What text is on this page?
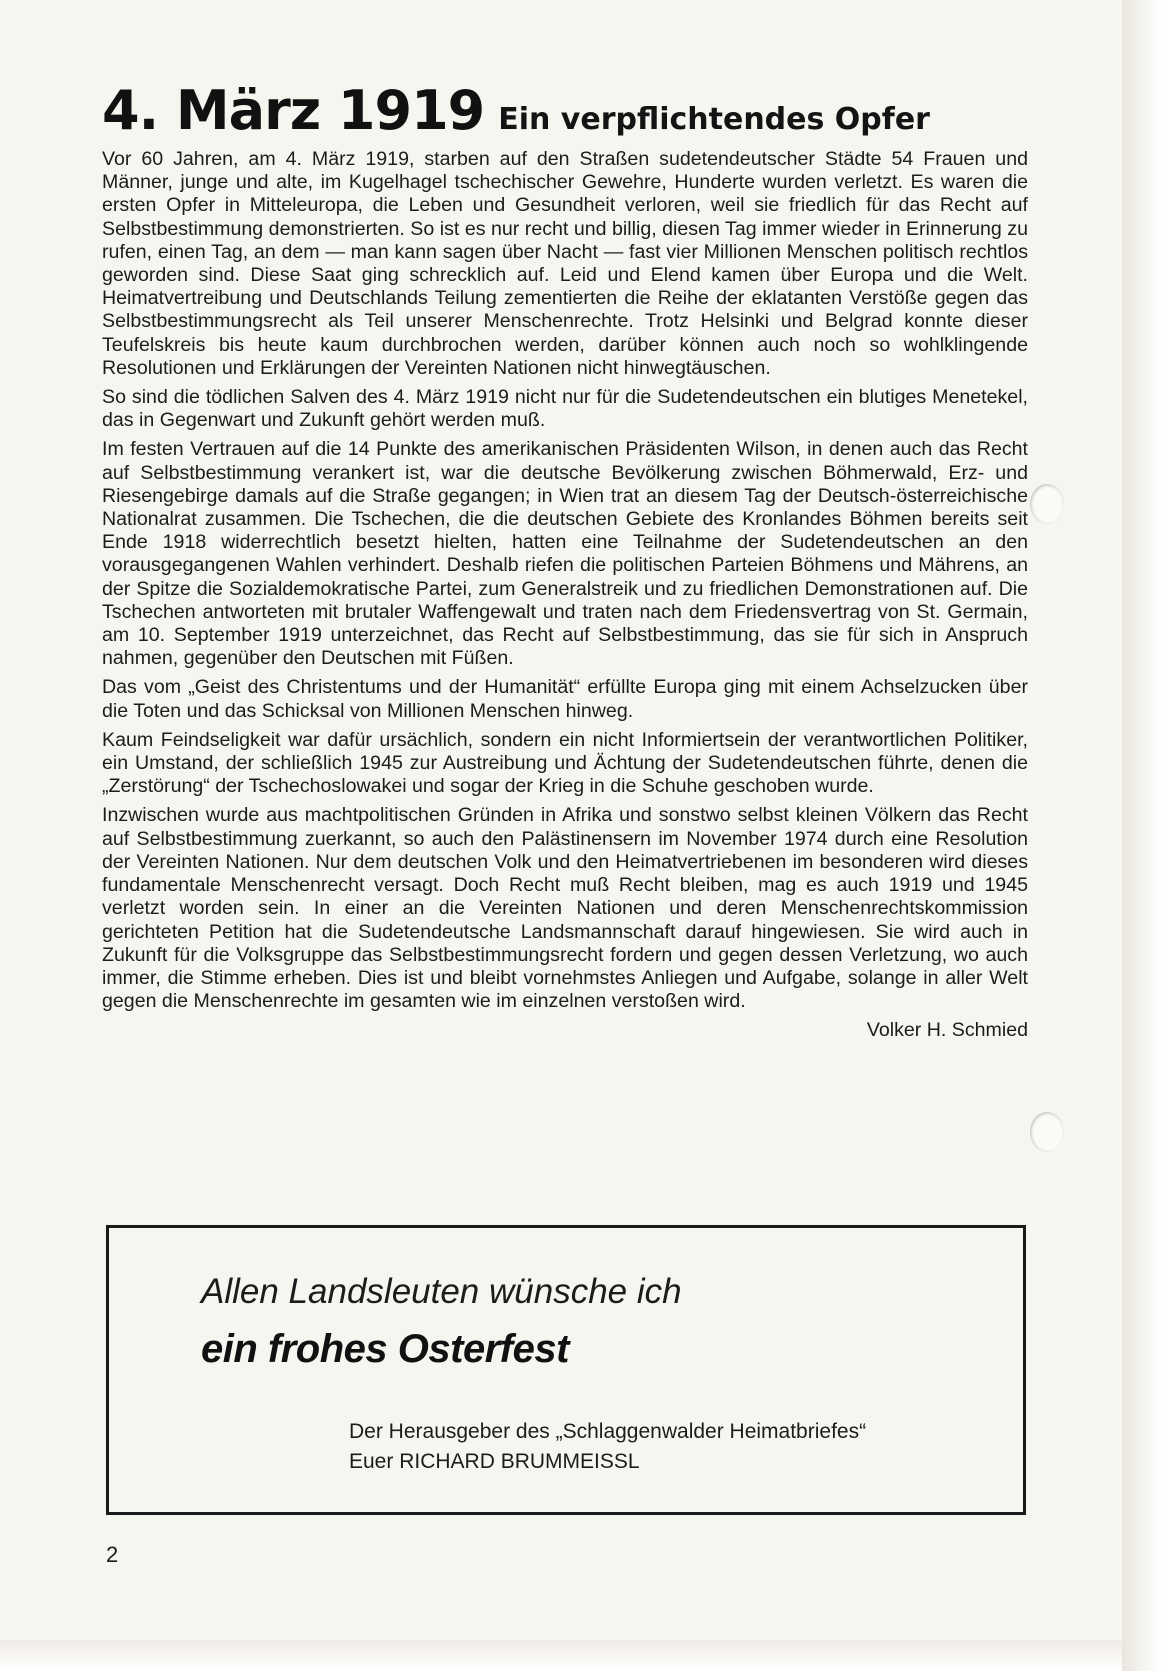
4. März 1919 Ein verpflichtendes Opfer

Vor 60 Jahren, am 4. März 1919, starben auf den Straßen sudetendeutscher Städte 54 Frauen und Männer, junge und alte, im Kugelhagel tschechischer Gewehre, Hunderte wurden verletzt. Es waren die ersten Opfer in Mitteleuropa, die Leben und Gesundheit verloren, weil sie friedlich für das Recht auf Selbstbestimmung demonstrierten. So ist es nur recht und billig, diesen Tag immer wieder in Erinnerung zu rufen, einen Tag, an dem — man kann sagen über Nacht — fast vier Millionen Menschen politisch rechtlos geworden sind. Diese Saat ging schrecklich auf. Leid und Elend kamen über Europa und die Welt. Heimatvertreibung und Deutschlands Teilung zementierten die Reihe der eklatanten Verstöße gegen das Selbstbestimmungsrecht als Teil unserer Menschenrechte. Trotz Helsinki und Belgrad konnte dieser Teufelskreis bis heute kaum durchbrochen werden, darüber können auch noch so wohlklingende Resolutionen und Erklärungen der Vereinten Nationen nicht hinwegtäuschen.

So sind die tödlichen Salven des 4. März 1919 nicht nur für die Sudetendeutschen ein blutiges Menetekel, das in Gegenwart und Zukunft gehört werden muß.

Im festen Vertrauen auf die 14 Punkte des amerikanischen Präsidenten Wilson, in denen auch das Recht auf Selbstbestimmung verankert ist, war die deutsche Bevölkerung zwischen Böhmerwald, Erz- und Riesengebirge damals auf die Straße gegangen; in Wien trat an diesem Tag der Deutsch-österreichische Nationalrat zusammen. Die Tschechen, die die deutschen Gebiete des Kronlandes Böhmen bereits seit Ende 1918 widerrechtlich besetzt hielten, hatten eine Teilnahme der Sudetendeutschen an den vorausgegangenen Wahlen verhindert. Deshalb riefen die politischen Parteien Böhmens und Mährens, an der Spitze die Sozialdemokratische Partei, zum Generalstreik und zu friedlichen Demonstrationen auf. Die Tschechen antworteten mit brutaler Waffengewalt und traten nach dem Friedensvertrag von St. Germain, am 10. September 1919 unterzeichnet, das Recht auf Selbstbestimmung, das sie für sich in Anspruch nahmen, gegenüber den Deutschen mit Füßen.

Das vom „Geist des Christentums und der Humanität“ erfüllte Europa ging mit einem Achselzucken über die Toten und das Schicksal von Millionen Menschen hinweg.

Kaum Feindseligkeit war dafür ursächlich, sondern ein nicht Informiertsein der verantwortlichen Politiker, ein Umstand, der schließlich 1945 zur Austreibung und Ächtung der Sudetendeutschen führte, denen die „Zerstörung“ der Tschechoslowakei und sogar der Krieg in die Schuhe geschoben wurde.

Inzwischen wurde aus machtpolitischen Gründen in Afrika und sonstwo selbst kleinen Völkern das Recht auf Selbstbestimmung zuerkannt, so auch den Palästinensern im November 1974 durch eine Resolution der Vereinten Nationen. Nur dem deutschen Volk und den Heimatvertriebenen im besonderen wird dieses fundamentale Menschenrecht versagt. Doch Recht muß Recht bleiben, mag es auch 1919 und 1945 verletzt worden sein. In einer an die Vereinten Nationen und deren Menschenrechtskommission gerichteten Petition hat die Sudetendeutsche Landsmannschaft darauf hingewiesen. Sie wird auch in Zukunft für die Volksgruppe das Selbstbestimmungsrecht fordern und gegen dessen Verletzung, wo auch immer, die Stimme erheben. Dies ist und bleibt vornehmstes Anliegen und Aufgabe, solange in aller Welt gegen die Menschenrechte im gesamten wie im einzelnen verstoßen wird.

Volker H. Schmied
Allen Landsleuten wünsche ich
ein frohes Osterfest
Der Herausgeber des „Schlaggenwalder Heimatbriefes“
Euer RICHARD BRUMMEISSL
2
